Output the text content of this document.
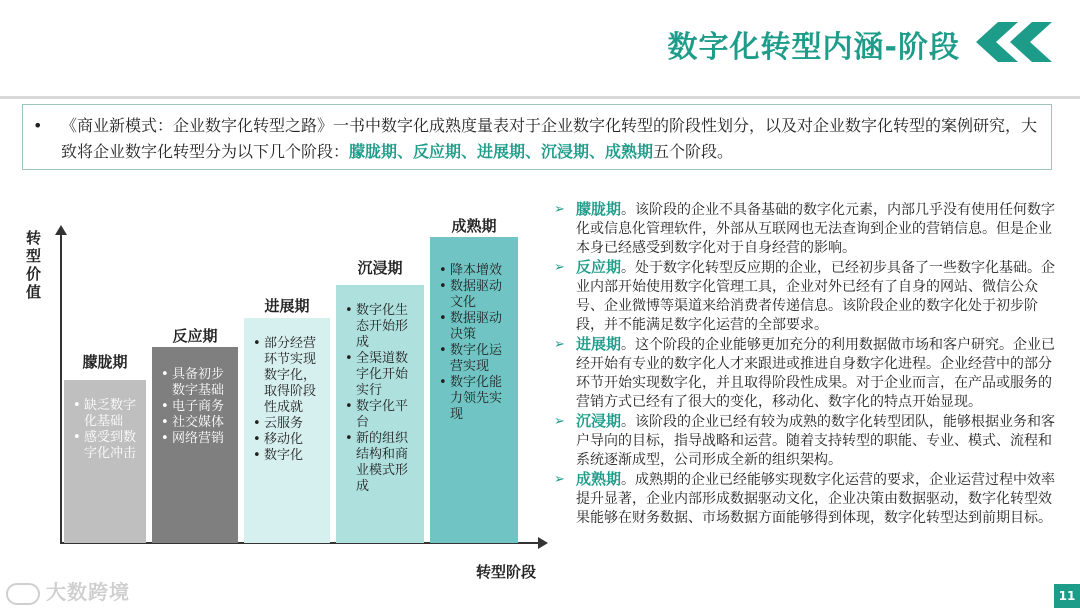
数字化转型内涵-阶段
• 《商业新模式：企业数字化转型之路》一书中数字化成熟度量表对于企业数字化转型的阶段性划分，以及对企业数字化转型的案例研究，大致将企业数字化转型分为以下几个阶段：朦胧期、反应期、进展期、沉浸期、成熟期五个阶段。
转型价值
转型阶段
朦胧期
• 缺乏数字化基础
• 感受到数字化冲击
反应期
• 具备初步数字基础
• 电子商务
• 社交媒体
• 网络营销
进展期
• 部分经营环节实现数字化，取得阶段性成就
• 云服务
• 移动化
• 数字化
沉浸期
• 数字化生态开始形成
• 全渠道数字化开始实行
• 数字化平台
• 新的组织结构和商业模式形成
成熟期
• 降本增效
• 数据驱动文化
• 数据驱动决策
• 数字化运营实现
• 数字化能力领先实现
➢ 朦胧期。该阶段的企业不具备基础的数字化元素，内部几乎没有使用任何数字化或信息化管理软件，外部从互联网也无法查询到企业的营销信息。但是企业本身已经感受到数字化对于自身经营的影响。
➢ 反应期。处于数字化转型反应期的企业，已经初步具备了一些数字化基础。企业内部开始使用数字化管理工具，企业对外已经有了自身的网站、微信公众号、企业微博等渠道来给消费者传递信息。该阶段企业的数字化处于初步阶段，并不能满足数字化运营的全部要求。
➢ 进展期。这个阶段的企业能够更加充分的利用数据做市场和客户研究。企业已经开始有专业的数字化人才来跟进或推进自身数字化进程。企业经营中的部分环节开始实现数字化，并且取得阶段性成果。对于企业而言，在产品或服务的营销方式已经有了很大的变化，移动化、数字化的特点开始显现。
➢ 沉浸期。该阶段的企业已经有较为成熟的数字化转型团队，能够根据业务和客户导向的目标，指导战略和运营。随着支持转型的职能、专业、模式、流程和系统逐渐成型，公司形成全新的组织架构。
➢ 成熟期。成熟期的企业已经能够实现数字化运营的要求，企业运营过程中效率提升显著，企业内部形成数据驱动文化，企业决策由数据驱动，数字化转型效果能够在财务数据、市场数据方面能够得到体现，数字化转型达到前期目标。
大数跨境	11
